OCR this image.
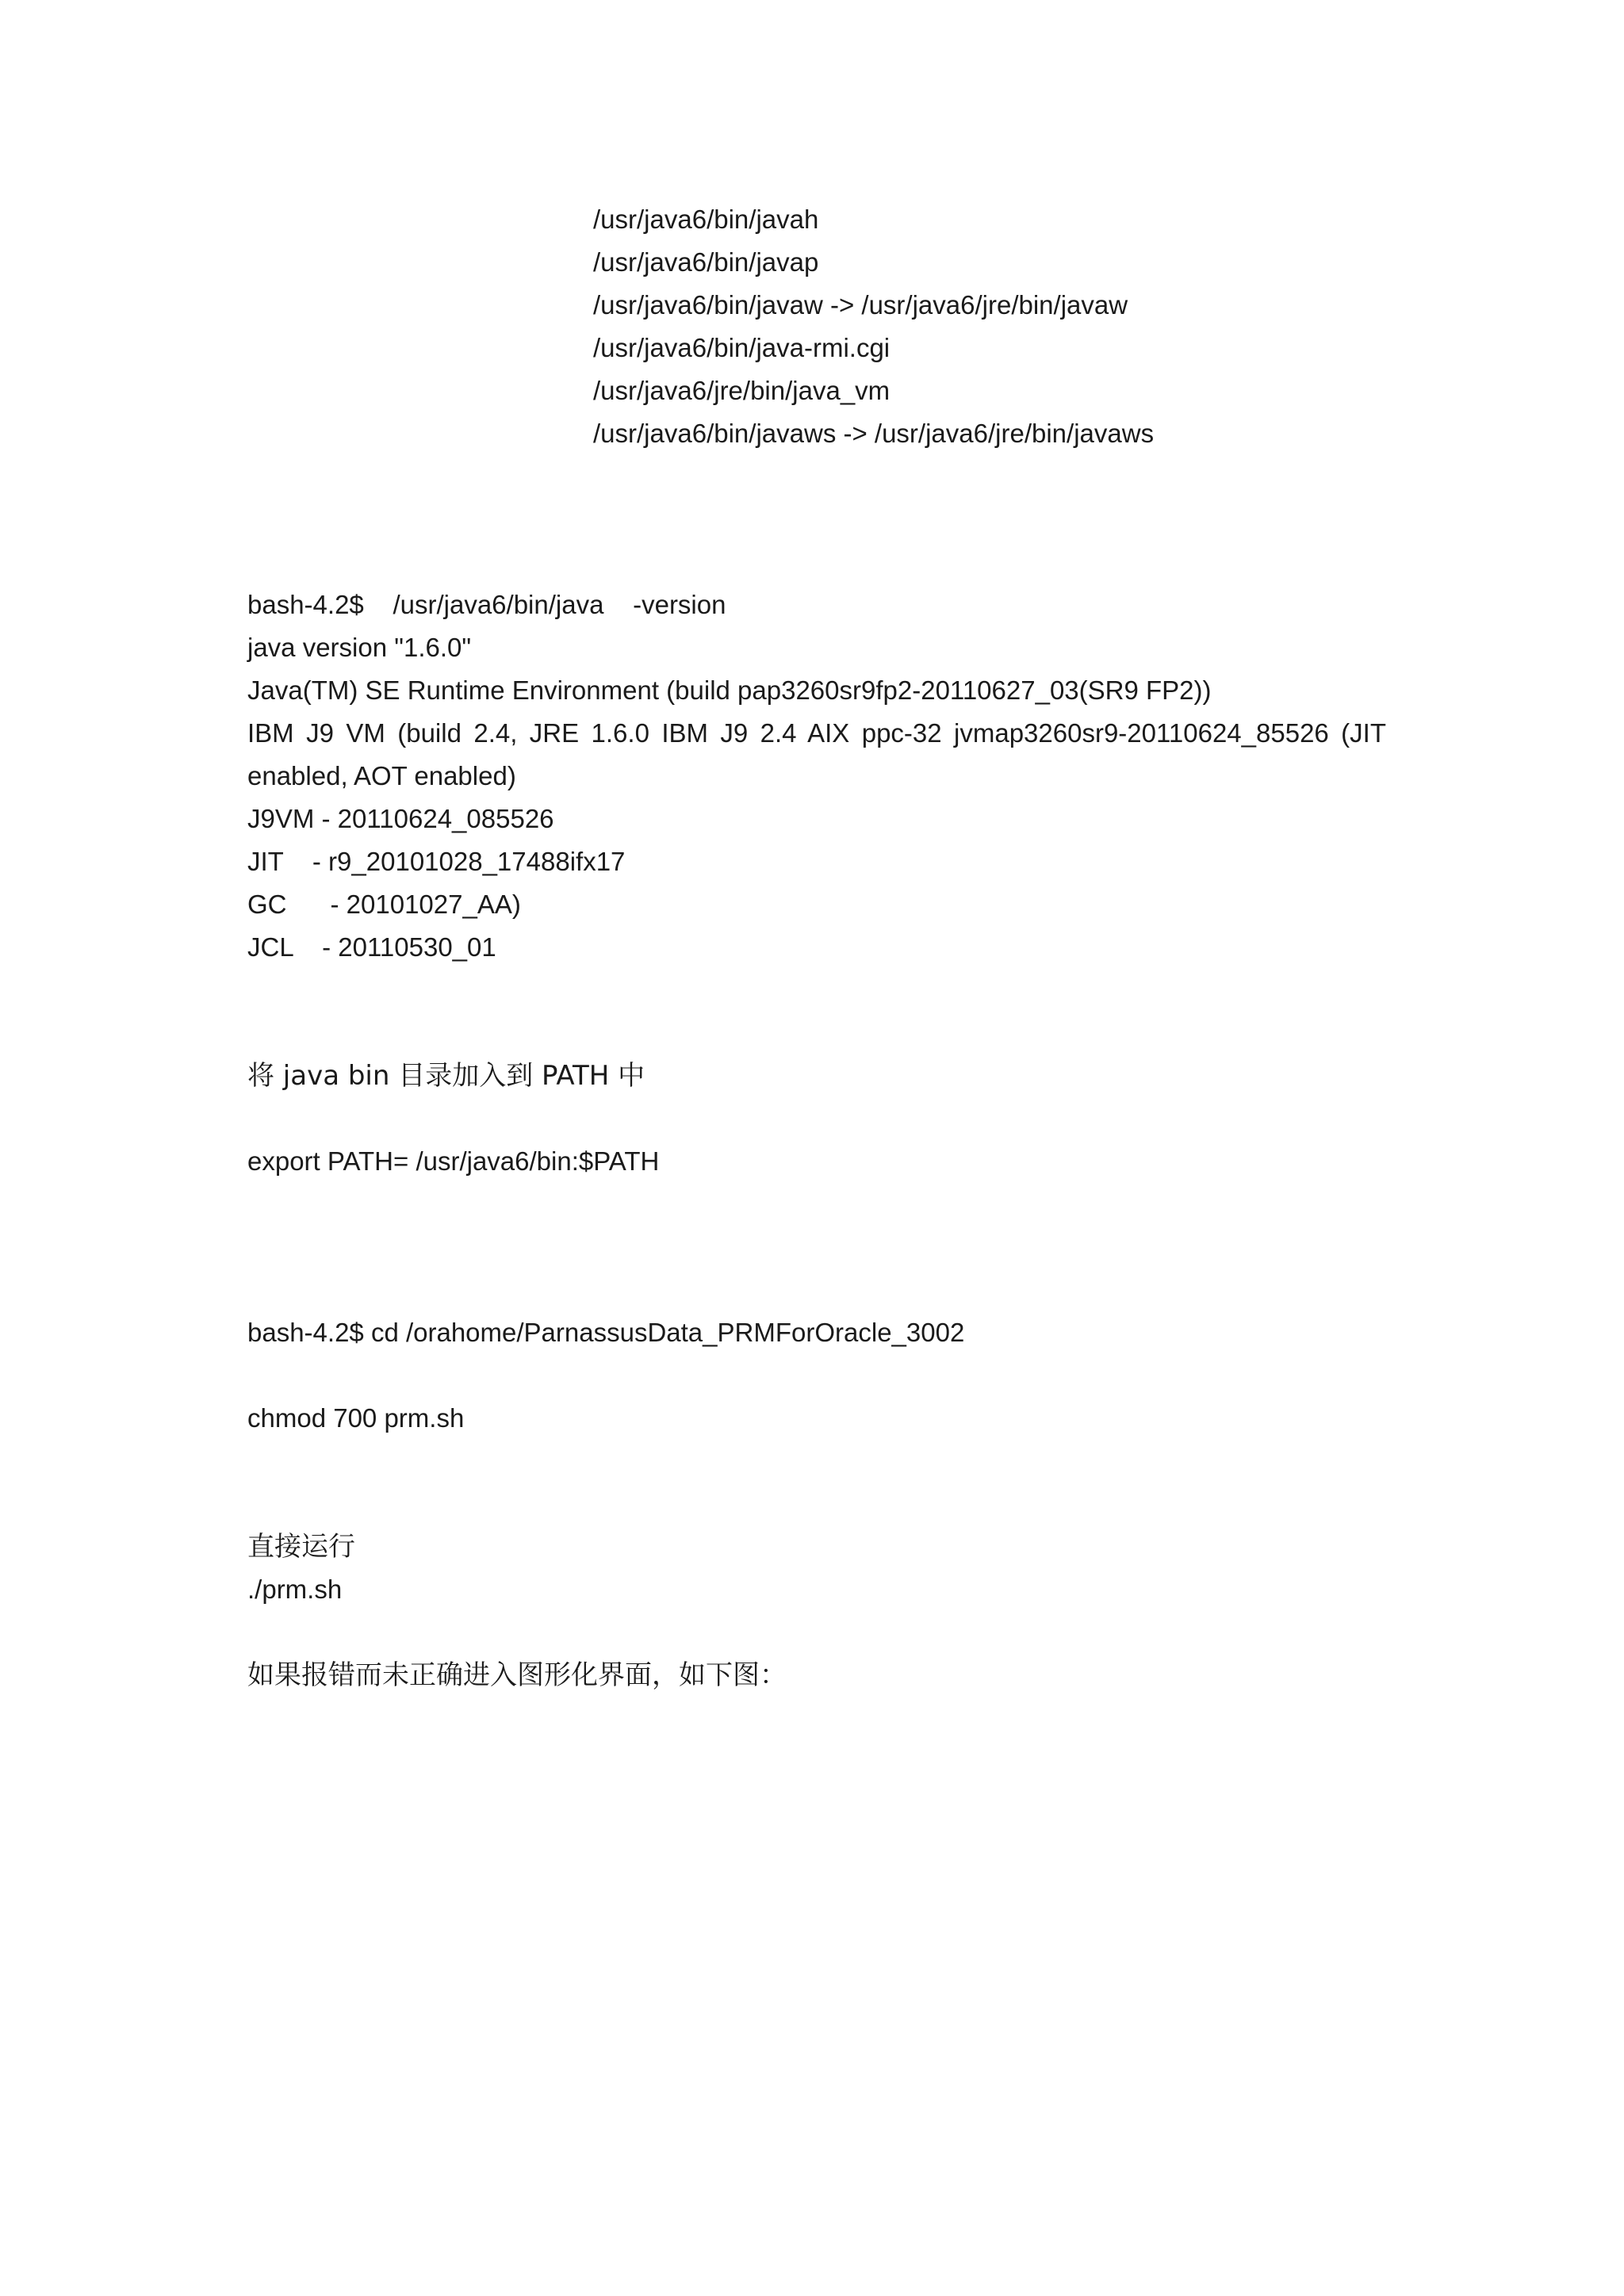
/usr/java6/bin/javah

/usr/java6/bin/javap

/usr/java6/bin/javaw -> /usr/java6/jre/bin/javaw

/usr/java6/bin/java-rmi.cgi

/usr/java6/jre/bin/java_vm

/usr/java6/bin/javaws -> /usr/java6/jre/bin/javaws

bash-4.2$    /usr/java6/bin/java    -version

java version "1.6.0"

Java(TM) SE Runtime Environment (build pap3260sr9fp2-20110627_03(SR9 FP2))

IBM J9 VM (build 2.4, JRE 1.6.0 IBM J9 2.4 AIX ppc-32 jvmap3260sr9-20110624_85526 (JIT

enabled, AOT enabled)

J9VM - 20110624_085526

JIT    - r9_20101028_17488ifx17

GC      - 20101027_AA)

JCL    - 20110530_01

将 java bin 目录加入到 PATH 中

export PATH= /usr/java6/bin:$PATH

bash-4.2$ cd /orahome/ParnassusData_PRMForOracle_3002

chmod 700 prm.sh

直接运行

./prm.sh

如果报错而未正确进入图形化界面，如下图：
